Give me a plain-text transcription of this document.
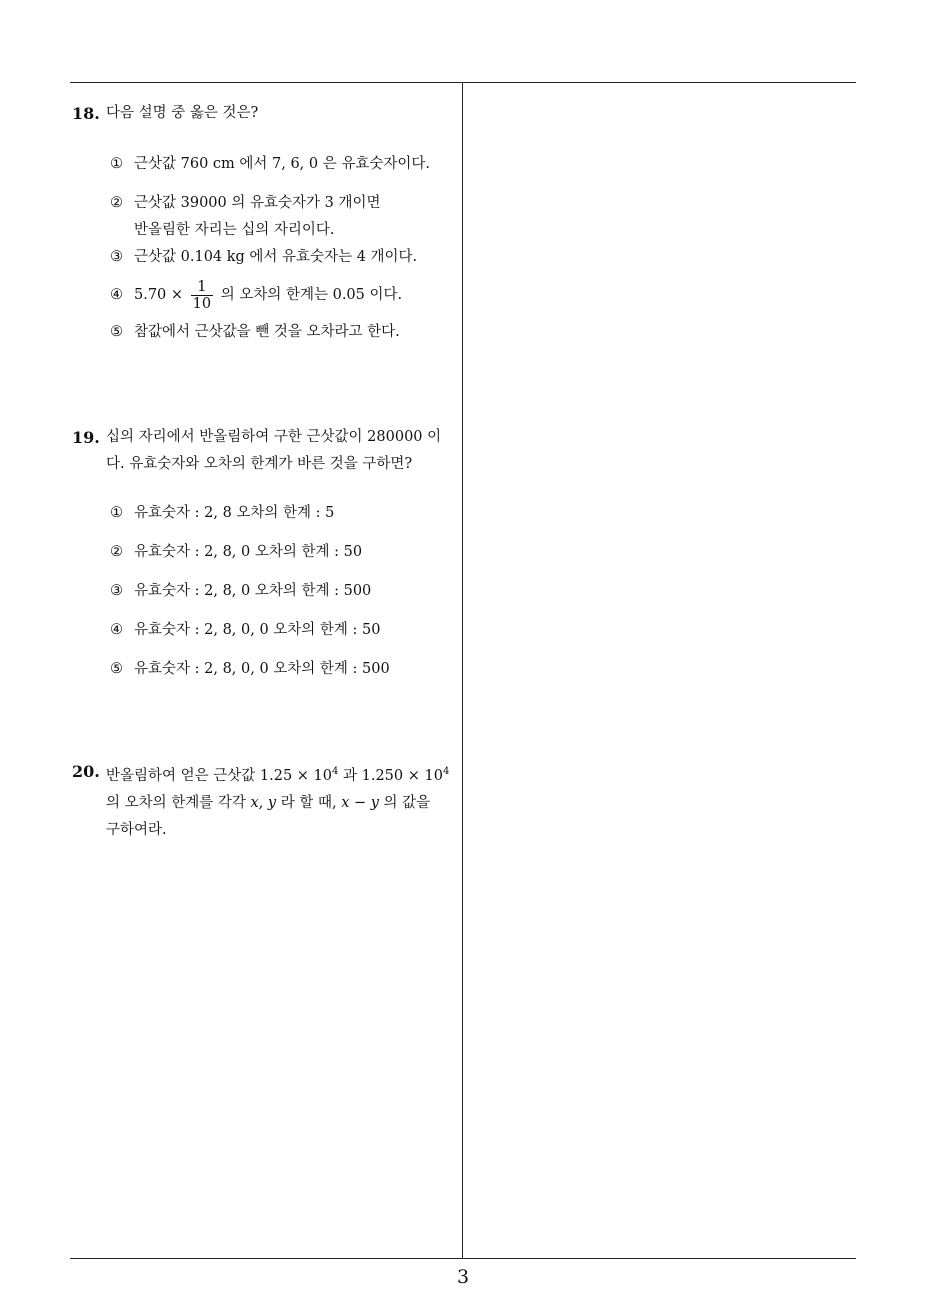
18. 다음 설명 중 옳은 것은?
① 근삿값 760 cm 에서 7, 6, 0 은 유효숫자이다.
② 근삿값 39000 의 유효숫자가 3 개이면
반올림한 자리는 십의 자리이다.
③ 근삿값 0.104 kg 에서 유효숫자는 4 개이다.
④ $5.70 \times \frac{1}{10}$ 의 오차의 한계는 0.05 이다.
⑤ 참값에서 근삿값을 뺀 것을 오차라고 한다.
19. 십의 자리에서 반올림하여 구한 근삿값이 280000 이
다. 유효숫자와 오차의 한계가 바른 것을 구하면?
① 유효숫자 : 2, 8 오차의 한계 : 5
② 유효숫자 : 2, 8, 0 오차의 한계 : 50
③ 유효숫자 : 2, 8, 0 오차의 한계 : 500
④ 유효숫자 : 2, 8, 0, 0 오차의 한계 : 50
⑤ 유효숫자 : 2, 8, 0, 0 오차의 한계 : 500
20. 반올림하여 얻은 근삿값 $1.25 \times 10^4$ 과 $1.250 \times 10^4$
의 오차의 한계를 각각 x, y 라 할 때, x − y 의 값을
구하여라.
3
